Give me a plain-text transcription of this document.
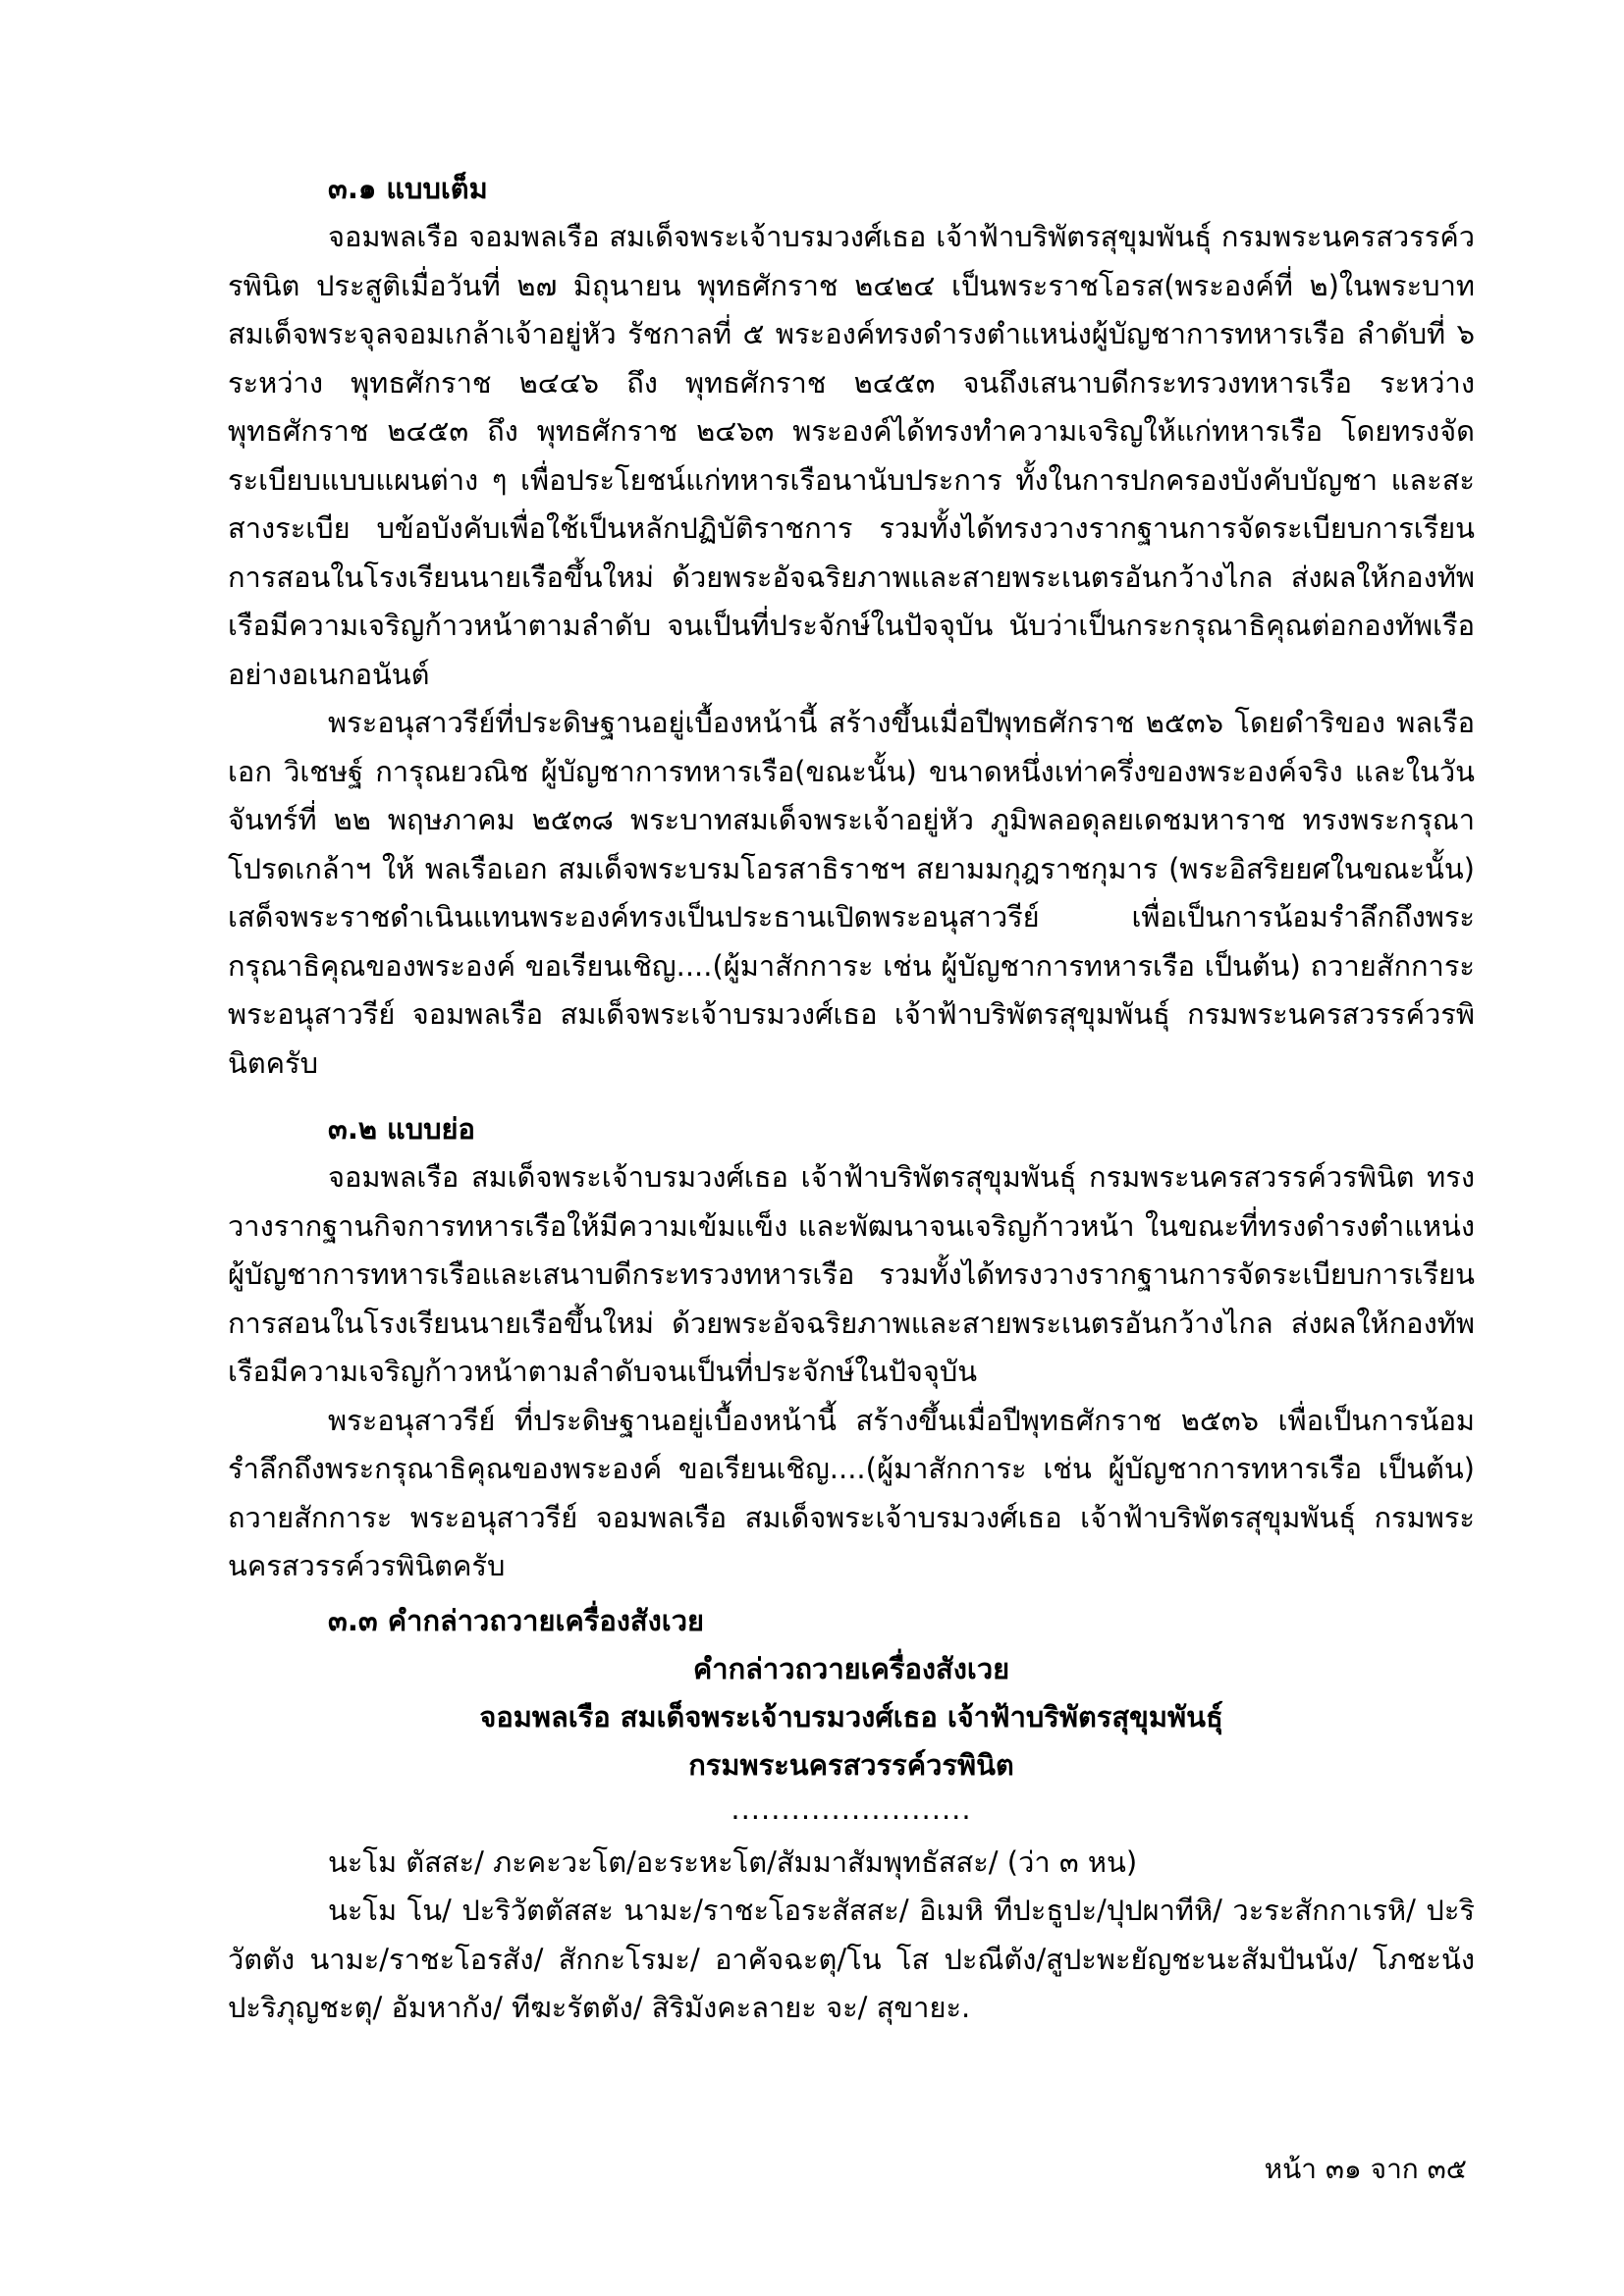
๓.๑ แบบเต็ม

จอมพลเรือ จอมพลเรือ สมเด็จพระเจ้าบรมวงศ์เธอ เจ้าฟ้าบริพัตรสุขุมพันธุ์ กรมพระนครสวรรค์วรพินิต ประสูติเมื่อวันที่ ๒๗ มิถุนายน พุทธศักราช ๒๔๒๔ เป็นพระราชโอรส(พระองค์ที่ ๒)ในพระบาทสมเด็จพระจุลจอมเกล้าเจ้าอยู่หัว รัชกาลที่ ๕ พระองค์ทรงดำรงตำแหน่งผู้บัญชาการทหารเรือ ลำดับที่ ๖ ระหว่าง พุทธศักราช ๒๔๔๖ ถึง พุทธศักราช ๒๔๕๓ จนถึงเสนาบดีกระทรวงทหารเรือ ระหว่างพุทธศักราช ๒๔๕๓ ถึง พุทธศักราช ๒๔๖๓ พระองค์ได้ทรงทำความเจริญให้แก่ทหารเรือ โดยทรงจัดระเบียบแบบแผนต่าง ๆ เพื่อประโยชน์แก่ทหารเรือนานับประการ ทั้งในการปกครองบังคับบัญชา และสะสางระเบีย บข้อบังคับเพื่อใช้เป็นหลักปฏิบัติราชการ รวมทั้งได้ทรงวางรากฐานการจัดระเบียบการเรียนการสอนในโรงเรียนนายเรือขึ้นใหม่ ด้วยพระอัจฉริยภาพและสายพระเนตรอันกว้างไกล ส่งผลให้กองทัพเรือมีความเจริญก้าวหน้าตามลำดับ จนเป็นที่ประจักษ์ในปัจจุบัน นับว่าเป็นกระกรุณาธิคุณต่อกองทัพเรืออย่างอเนกอนันต์

พระอนุสาวรีย์ที่ประดิษฐานอยู่เบื้องหน้านี้ สร้างขึ้นเมื่อปีพุทธศักราช ๒๕๓๖ โดยดำริของ พลเรือเอก วิเชษฐ์ การุณยวณิช ผู้บัญชาการทหารเรือ(ขณะนั้น) ขนาดหนึ่งเท่าครึ่งของพระองค์จริง และในวันจันทร์ที่ ๒๒ พฤษภาคม ๒๕๓๘ พระบาทสมเด็จพระเจ้าอยู่หัว ภูมิพลอดุลยเดชมหาราช ทรงพระกรุณาโปรดเกล้าฯ ให้ พลเรือเอก สมเด็จพระบรมโอรสาธิราชฯ สยามมกุฎราชกุมาร (พระอิสริยยศในขณะนั้น) เสด็จพระราชดำเนินแทนพระองค์ทรงเป็นประธานเปิดพระอนุสาวรีย์ เพื่อเป็นการน้อมรำลึกถึงพระกรุณาธิคุณของพระองค์ ขอเรียนเชิญ....(ผู้มาสักการะ เช่น ผู้บัญชาการทหารเรือ เป็นต้น) ถวายสักการะ พระอนุสาวรีย์ จอมพลเรือ สมเด็จพระเจ้าบรมวงศ์เธอ เจ้าฟ้าบริพัตรสุขุมพันธุ์ กรมพระนครสวรรค์วรพินิตครับ

๓.๒ แบบย่อ

จอมพลเรือ สมเด็จพระเจ้าบรมวงศ์เธอ เจ้าฟ้าบริพัตรสุขุมพันธุ์ กรมพระนครสวรรค์วรพินิต ทรงวางรากฐานกิจการทหารเรือให้มีความเข้มแข็ง และพัฒนาจนเจริญก้าวหน้า ในขณะที่ทรงดำรงตำแหน่งผู้บัญชาการทหารเรือและเสนาบดีกระทรวงทหารเรือ รวมทั้งได้ทรงวางรากฐานการจัดระเบียบการเรียนการสอนในโรงเรียนนายเรือขึ้นใหม่ ด้วยพระอัจฉริยภาพและสายพระเนตรอันกว้างไกล ส่งผลให้กองทัพเรือมีความเจริญก้าวหน้าตามลำดับจนเป็นที่ประจักษ์ในปัจจุบัน

พระอนุสาวรีย์ ที่ประดิษฐานอยู่เบื้องหน้านี้ สร้างขึ้นเมื่อปีพุทธศักราช ๒๕๓๖ เพื่อเป็นการน้อมรำลึกถึงพระกรุณาธิคุณของพระองค์ ขอเรียนเชิญ....(ผู้มาสักการะ เช่น ผู้บัญชาการทหารเรือ เป็นต้น) ถวายสักการะ พระอนุสาวรีย์ จอมพลเรือ สมเด็จพระเจ้าบรมวงศ์เธอ เจ้าฟ้าบริพัตรสุขุมพันธุ์ กรมพระนครสวรรค์วรพินิตครับ

๓.๓ คำกล่าวถวายเครื่องสังเวย

คำกล่าวถวายเครื่องสังเวย

จอมพลเรือ สมเด็จพระเจ้าบรมวงศ์เธอ เจ้าฟ้าบริพัตรสุขุมพันธุ์

กรมพระนครสวรรค์วรพินิต

........................

นะโม ตัสสะ/ ภะคะวะโต/อะระหะโต/สัมมาสัมพุทธัสสะ/ (ว่า ๓ หน)

นะโม โน/ ปะริวัตตัสสะ นามะ/ราชะโอระสัสสะ/ อิเมหิ ทีปะธูปะ/ปุปผาทีหิ/ วะระสักกาเรหิ/ ปะริวัตตัง นามะ/ราชะโอรสัง/ สักกะโรมะ/ อาคัจฉะตุ/โน โส ปะณีตัง/สูปะพะยัญชะนะสัมปันนัง/ โภชะนัง ปะริภุญชะตุ/ อัมหากัง/ ทีฆะรัตตัง/ สิริมังคะลายะ จะ/ สุขายะ.

หน้า ๓๑ จาก ๓๕
